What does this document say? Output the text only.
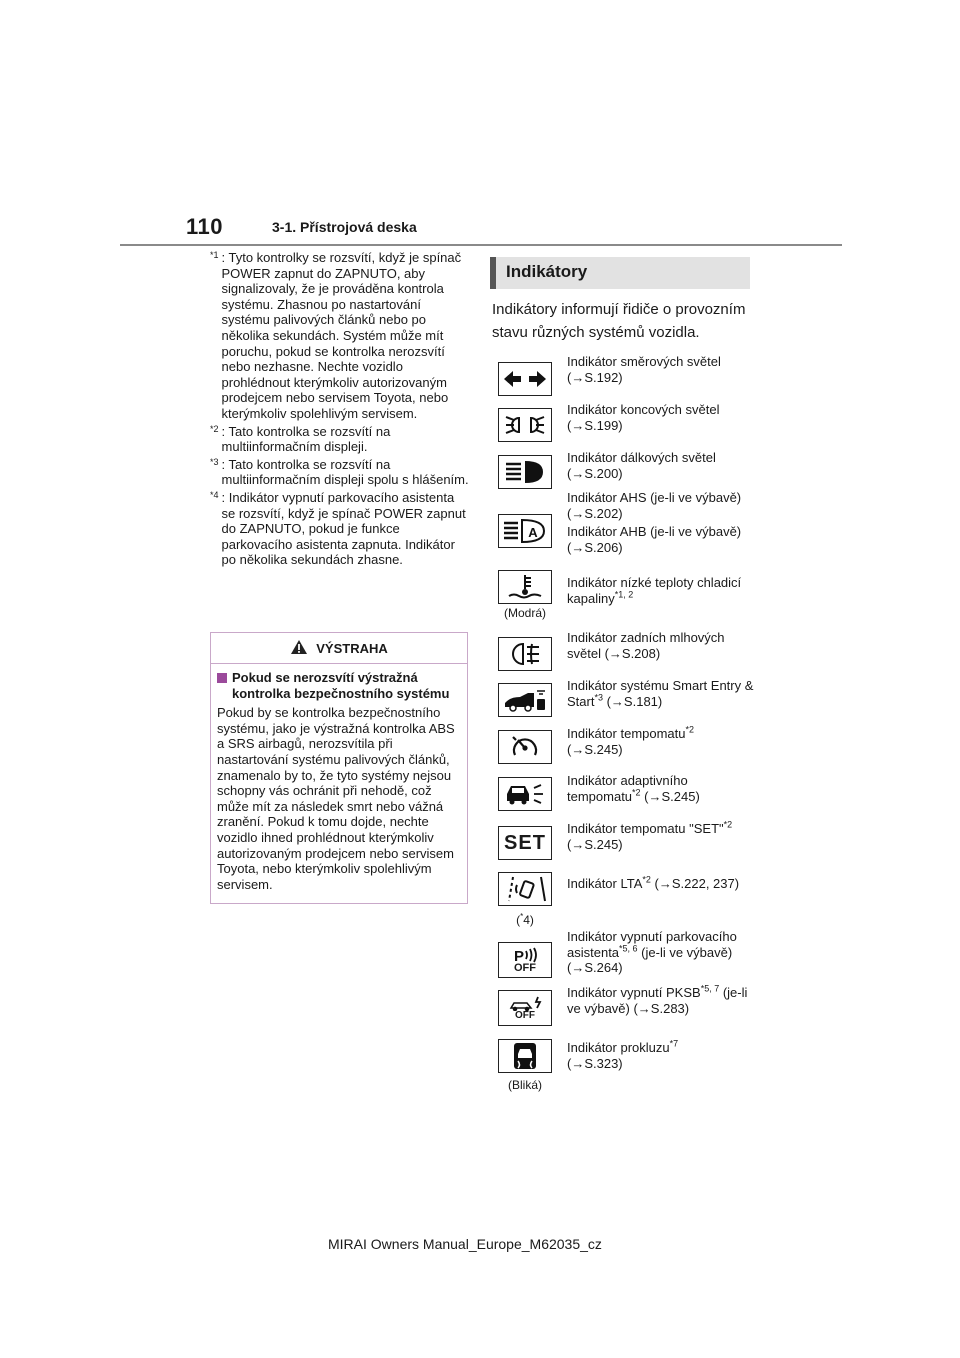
110	3-1. Přístrojová deska
$^{*1}$ : Tyto kontrolky se rozsvítí, když je spínač POWER zapnut do ZAPNUTO, aby signalizovaly, že je prováděna kontrola systému. Zhasnou po nastartování systému palivových článků nebo po několika sekundách. Systém může mít poruchu, pokud se kontrolka nerozsvítí nebo nezhasne. Nechte vozidlo prohlédnout kterýmkoliv autorizovaným prodejcem nebo servisem Toyota, nebo kterýmkoliv spolehlivým servisem.
$^{*2}$ : Tato kontrolka se rozsvítí na multiinformačním displeji.
$^{*3}$ : Tato kontrolka se rozsvítí na multiinformačním displeji spolu s hlášením.
$^{*4}$ : Indikátor vypnutí parkovacího asistenta se rozsvítí, když je spínač POWER zapnut do ZAPNUTO, pokud je funkce parkovacího asistenta zapnuta. Indikátor po několika sekundách zhasne.
VÝSTRAHA
Pokud se nerozsvítí výstražná kontrolka bezpečnostního systému
Pokud by se kontrolka bezpečnostního systému, jako je výstražná kontrolka ABS a SRS airbagů, nerozsvítila při nastartování systému palivových článků, znamenalo by to, že tyto systémy nejsou schopny vás ochránit při nehodě, což může mít za následek smrt nebo vážná zranění. Pokud k tomu dojde, nechte vozidlo ihned prohlédnout kterýmkoliv autorizovaným prodejcem nebo servisem Toyota, nebo kterýmkoliv spolehlivým servisem.
Indikátory
Indikátory informují řidiče o provozním stavu různých systémů vozidla.
Indikátor směrových světel (→S.192)
Indikátor koncových světel (→S.199)
Indikátor dálkových světel (→S.200)
A
Indikátor AHS (je-li ve výbavě) (→S.202)
Indikátor AHB (je-li ve výbavě) (→S.206)
(Modrá)
Indikátor nízké teploty chladicí kapaliny$^{*1, 2}$
Indikátor zadních mlhových světel (→S.208)
Indikátor systému Smart Entry & Start$^{*3}$ (→S.181)
Indikátor tempomatu$^{*2}$
(→S.245)
Indikátor adaptivního tempomatu$^{*2}$ (→S.245)
SET
Indikátor tempomatu "SET"$^{*2}$ (→S.245)
(*4)
Indikátor LTA$^{*2}$ (→S.222, 237)
P
OFF
Indikátor vypnutí parkovacího asistenta$^{*5, 6}$ (je-li ve výbavě) (→S.264)
OFF
Indikátor vypnutí PKSB$^{*5, 7}$ (je-li ve výbavě) (→S.283)
(Bliká)
Indikátor prokluzu$^{*7}$
(→S.323)
MIRAI Owners Manual_Europe_M62035_cz
